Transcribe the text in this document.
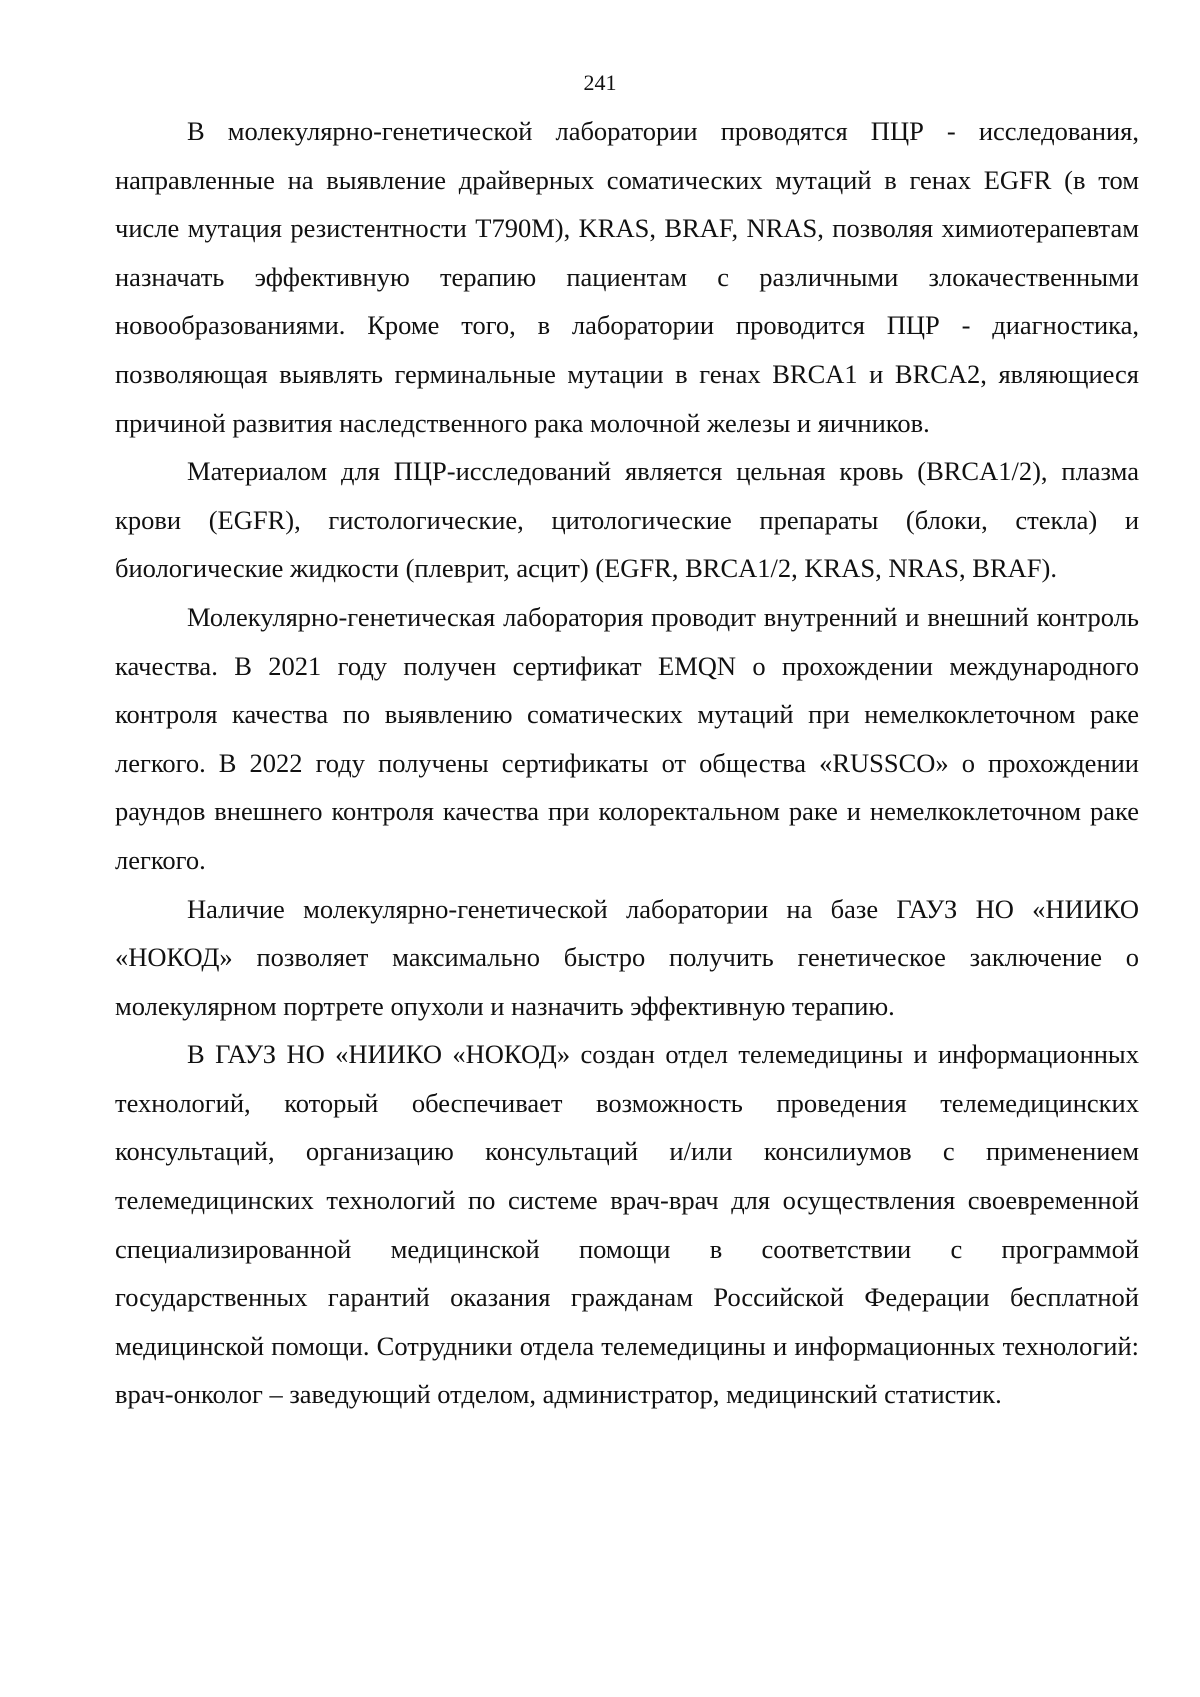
241

В молекулярно-генетической лаборатории проводятся ПЦР - исследования, направленные на выявление драйверных соматических мутаций в генах EGFR (в том числе мутация резистентности T790M), KRAS, BRAF, NRAS, позволяя химиотерапевтам назначать эффективную терапию пациентам с различными злокачественными новообразованиями. Кроме того, в лаборатории проводится ПЦР - диагностика, позволяющая выявлять герминальные мутации в генах BRCA1 и BRCA2, являющиеся причиной развития наследственного рака молочной железы и яичников.

Материалом для ПЦР-исследований является цельная кровь (BRCA1/2), плазма крови (EGFR), гистологические, цитологические препараты (блоки, стекла) и биологические жидкости (плеврит, асцит) (EGFR, BRCA1/2, KRAS, NRAS, BRAF).

Молекулярно-генетическая лаборатория проводит внутренний и внешний контроль качества. В 2021 году получен сертификат EMQN о прохождении международного контроля качества по выявлению соматических мутаций при немелкоклеточном раке легкого. В 2022 году получены сертификаты от общества «RUSSCO» о прохождении раундов внешнего контроля качества при колоректальном раке и немелкоклеточном раке легкого.

Наличие молекулярно-генетической лаборатории на базе ГАУЗ НО «НИИКО «НОКОД» позволяет максимально быстро получить генетическое заключение о молекулярном портрете опухоли и назначить эффективную терапию.

В ГАУЗ НО «НИИКО «НОКОД» создан отдел телемедицины и информационных технологий, который обеспечивает возможность проведения телемедицинских консультаций, организацию консультаций и/или консилиумов с применением телемедицинских технологий по системе врач-врач для осуществления своевременной специализированной медицинской помощи в соответствии с программой государственных гарантий оказания гражданам Российской Федерации бесплатной медицинской помощи. Сотрудники отдела телемедицины и информационных технологий: врач-онколог – заведующий отделом, администратор, медицинский статистик.
